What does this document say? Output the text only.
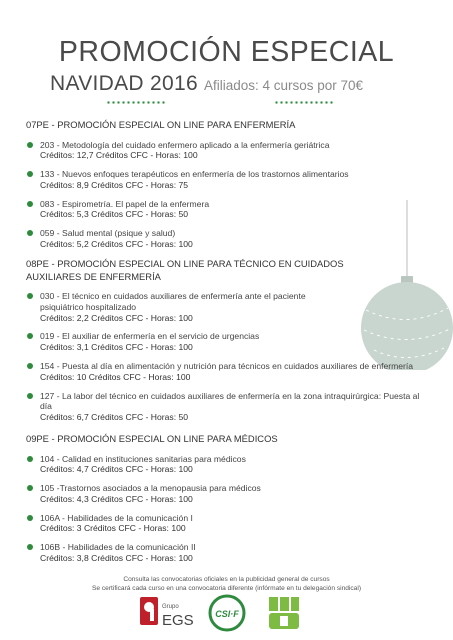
PROMOCIÓN ESPECIAL
NAVIDAD 2016 Afiliados: 4 cursos por 70€
07PE - PROMOCIÓN ESPECIAL ON LINE PARA ENFERMERÍA
203 - Metodología del cuidado enfermero aplicado a la enfermería geriátrica
Créditos: 12,7 Créditos CFC - Horas: 100
133 - Nuevos enfoques terapéuticos en enfermería de los trastornos alimentarios
Créditos: 8,9 Créditos CFC - Horas: 75
083 - Espirometría. El papel de la enfermera
Créditos: 5,3 Créditos CFC - Horas: 50
059 - Salud mental (psique y salud)
Créditos: 5,2 Créditos CFC - Horas: 100
08PE - PROMOCIÓN ESPECIAL ON LINE PARA TÉCNICO EN CUIDADOS AUXILIARES DE ENFERMERÍA
030 - El técnico en cuidados auxiliares de enfermería ante el paciente psiquiátrico hospitalizado
Créditos: 2,2 Créditos CFC - Horas: 100
019 - El auxiliar de enfermería en el servicio de urgencias
Créditos: 3,1 Créditos CFC - Horas: 100
154 - Puesta al día en alimentación y nutrición para técnicos en cuidados auxiliares de enfermería
Créditos: 10 Créditos CFC - Horas: 100
127 - La labor del técnico en cuidados auxiliares de enfermería en la zona intraquirúrgica: Puesta al día
Créditos: 6,7 Créditos CFC - Horas: 50
09PE - PROMOCIÓN ESPECIAL ON LINE PARA MÉDICOS
104 - Calidad en instituciones sanitarias para médicos
Créditos: 4,7 Créditos CFC - Horas: 100
105 -Trastornos asociados a la menopausia para médicos
Créditos: 4,3 Créditos CFC - Horas: 100
106A - Habilidades de la comunicación I
Créditos: 3 Créditos CFC - Horas: 100
106B - Habilidades de la comunicación II
Créditos: 3,8 Créditos CFC - Horas: 100
Consulta las convocatorias oficiales en la publicidad general de cursos
Se certificará cada curso en una convocatoria diferente (infórmate en tu delegación sindical)
Grupo
EGS CSI·F
